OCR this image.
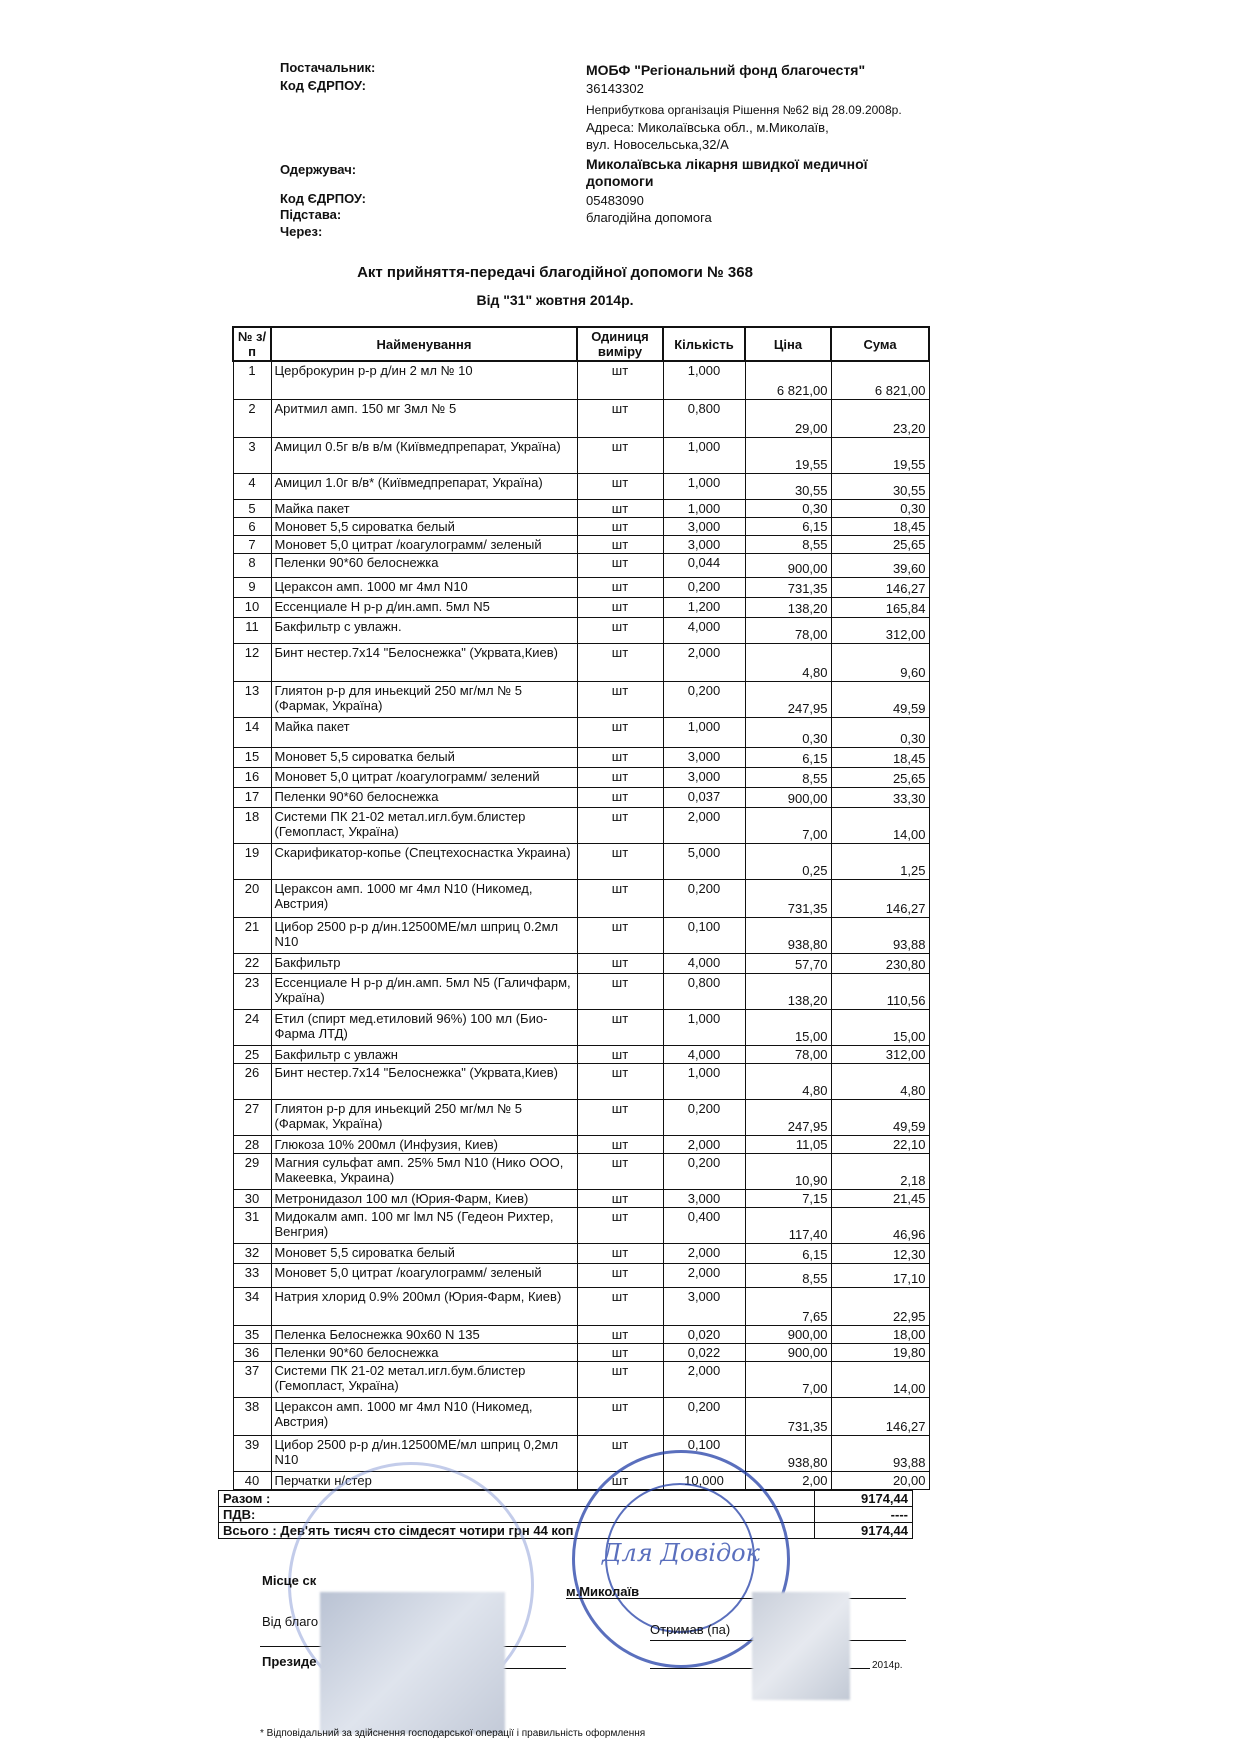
Постачальник:	МОБФ "Регіональний фонд благочестя"
Код ЄДРПОУ:	36143302
Неприбуткова організація Рішення №62 від 28.09.2008р.
Адреса: Миколаївська обл., м.Миколаїв,
вул. Новосельська,32/А
Одержувач:	Миколаївська лікарня швидкої медичної
допомоги
Код ЄДРПОУ:	05483090
Підстава:	благодійна допомога
Через:
Акт прийняття-передачі благодійної допомоги № 368
Від "31" жовтня 2014р.
№ з/п	Найменування	Одиниця виміру	Кількість	Ціна	Сума
1	Церброкурин р-р д/ин 2 мл № 10	шт	1,000	6 821,00	6 821,00
2	Аритмил амп. 150 мг 3мл № 5	шт	0,800	29,00	23,20
3	Амицил 0.5г в/в в/м (Київмедпрепарат, Україна)	шт	1,000	19,55	19,55
4	Амицил 1.0г в/в* (Київмедпрепарат, Україна)	шт	1,000	30,55	30,55
5	Майка пакет	шт	1,000	0,30	0,30
6	Моновет 5,5 сироватка белый	шт	3,000	6,15	18,45
7	Моновет 5,0 цитрат /коагулограмм/ зеленый	шт	3,000	8,55	25,65
8	Пеленки 90*60 белоснежка	шт	0,044	900,00	39,60
9	Цераксон амп. 1000 мг 4мл N10	шт	0,200	731,35	146,27
10	Ессенциале Н р-р д/ин.амп. 5мл N5	шт	1,200	138,20	165,84
11	Бакфильтр с увлажн.	шт	4,000	78,00	312,00
12	Бинт нестер.7x14 "Белоснежка" (Укрвата,Киев)	шт	2,000	4,80	9,60
13	Глиятон р-р для иньекций 250 мг/мл № 5 (Фармак, Україна)	шт	0,200	247,95	49,59
14	Майка пакет	шт	1,000	0,30	0,30
15	Моновет 5,5 сироватка белый	шт	3,000	6,15	18,45
16	Моновет 5,0 цитрат /коагулограмм/ зелений	шт	3,000	8,55	25,65
17	Пеленки 90*60 белоснежка	шт	0,037	900,00	33,30
18	Системи ПК 21-02 метал.игл.бум.блистер (Гемопласт, Україна)	шт	2,000	7,00	14,00
19	Скарификатор-копье (Спецтехоснастка Украина)	шт	5,000	0,25	1,25
20	Цераксон амп. 1000 мг 4мл N10 (Никомед, Австрия)	шт	0,200	731,35	146,27
21	Цибор 2500 р-р д/ин.12500МЕ/мл шприц 0.2мл N10	шт	0,100	938,80	93,88
22	Бакфильтр	шт	4,000	57,70	230,80
23	Ессенциале Н р-р д/ин.амп. 5мл N5 (Галичфарм, Україна)	шт	0,800	138,20	110,56
24	Етил (спирт мед.етиловий 96%) 100 мл (Био-Фарма ЛТД)	шт	1,000	15,00	15,00
25	Бакфильтр с увлажн	шт	4,000	78,00	312,00
26	Бинт нестер.7x14 "Белоснежка" (Укрвата,Киев)	шт	1,000	4,80	4,80
27	Глиятон р-р для иньекций 250 мг/мл № 5 (Фармак, Україна)	шт	0,200	247,95	49,59
28	Глюкоза 10% 200мл (Инфузия, Киев)	шт	2,000	11,05	22,10
29	Магния сульфат амп. 25% 5мл N10 (Нико ООО, Макеевка, Украина)	шт	0,200	10,90	2,18
30	Метронидазол 100 мл (Юрия-Фарм, Киев)	шт	3,000	7,15	21,45
31	Мидокалм амп. 100 мг lмл N5 (Гедеон Рихтер, Венгрия)	шт	0,400	117,40	46,96
32	Моновет 5,5 сироватка белый	шт	2,000	6,15	12,30
33	Моновет 5,0 цитрат /коагулограмм/ зеленый	шт	2,000	8,55	17,10
34	Натрия хлорид 0.9% 200мл (Юрия-Фарм, Киев)	шт	3,000	7,65	22,95
35	Пеленка Белоснежка 90x60 N 135	шт	0,020	900,00	18,00
36	Пеленки 90*60 белоснежка	шт	0,022	900,00	19,80
37	Системи ПК 21-02 метал.игл.бум.блистер (Гемопласт, Україна)	шт	2,000	7,00	14,00
38	Цераксон амп. 1000 мг 4мл N10 (Никомед, Австрия)	шт	0,200	731,35	146,27
39	Цибор 2500 р-р д/ин.12500МЕ/мл шприц 0,2мл N10	шт	0,100	938,80	93,88
40	Перчатки н/стер	шт	10,000	2,00	20,00
Разом :	9174,44
ПДВ:	----
Всього : Дев'ять тисяч сто сімдесят чотири грн 44 коп	9174,44
Для Довідок
Місце ск
м.Миколаїв
Від благо
Отримав (па)
Президе	2014р.
* Відповідальний за здійснення господарської операції і правильність оформлення
